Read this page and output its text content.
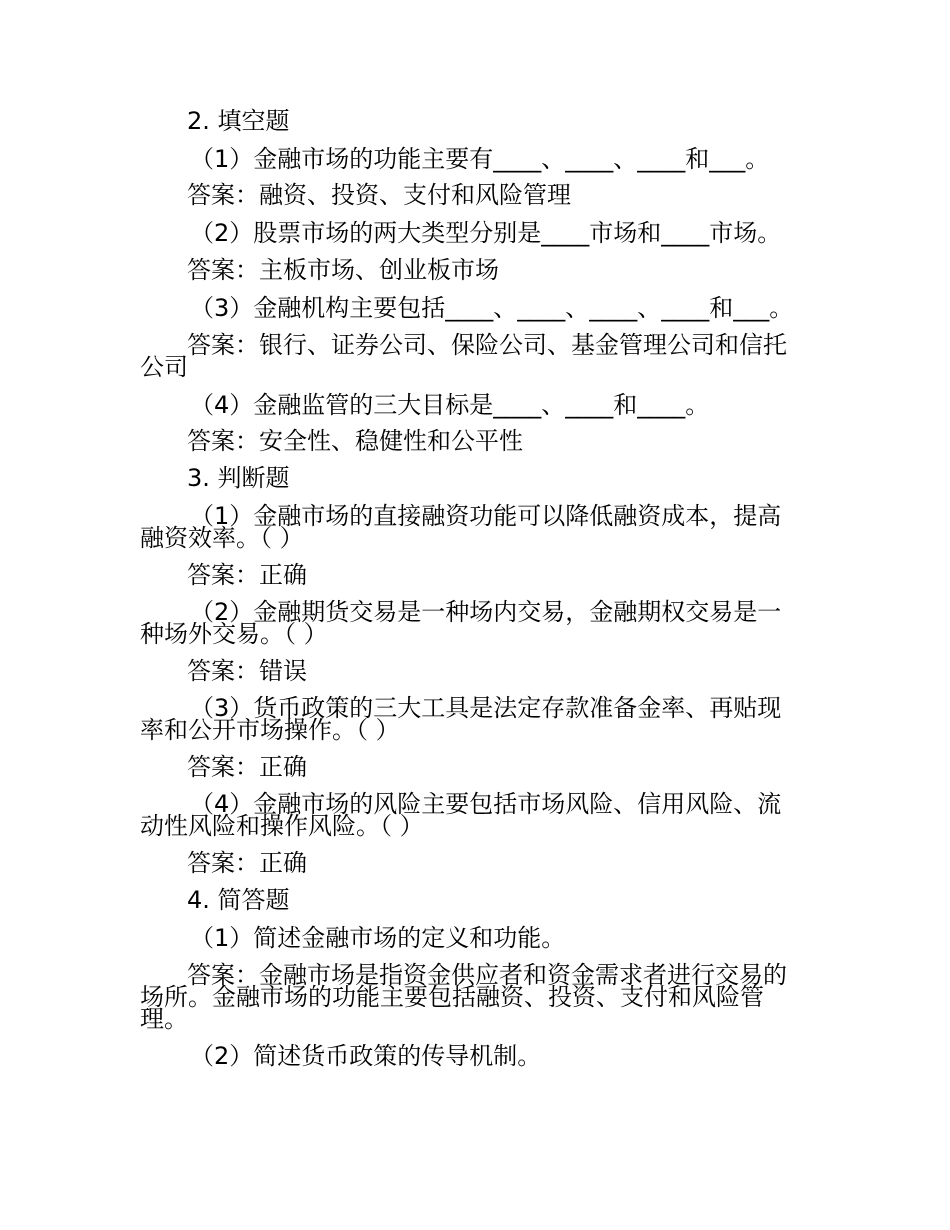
2. 填空题
（1）金融市场的功能主要有____、____、____和___。
答案：融资、投资、支付和风险管理
（2）股票市场的两大类型分别是____市场和____市场。
答案：主板市场、创业板市场
（3）金融机构主要包括____、____、____、____和___。
答案：银行、证券公司、保险公司、基金管理公司和信托
公司
（4）金融监管的三大目标是____、____和____。
答案：安全性、稳健性和公平性
3. 判断题
（1）金融市场的直接融资功能可以降低融资成本，提高
融资效率。（ ）
答案：正确
（2）金融期货交易是一种场内交易，金融期权交易是一
种场外交易。（ ）
答案：错误
（3）货币政策的三大工具是法定存款准备金率、再贴现
率和公开市场操作。（ ）
答案：正确
（4）金融市场的风险主要包括市场风险、信用风险、流
动性风险和操作风险。（ ）
答案：正确
4. 简答题
（1）简述金融市场的定义和功能。
答案：金融市场是指资金供应者和资金需求者进行交易的
场所。金融市场的功能主要包括融资、投资、支付和风险管
理。
（2）简述货币政策的传导机制。
